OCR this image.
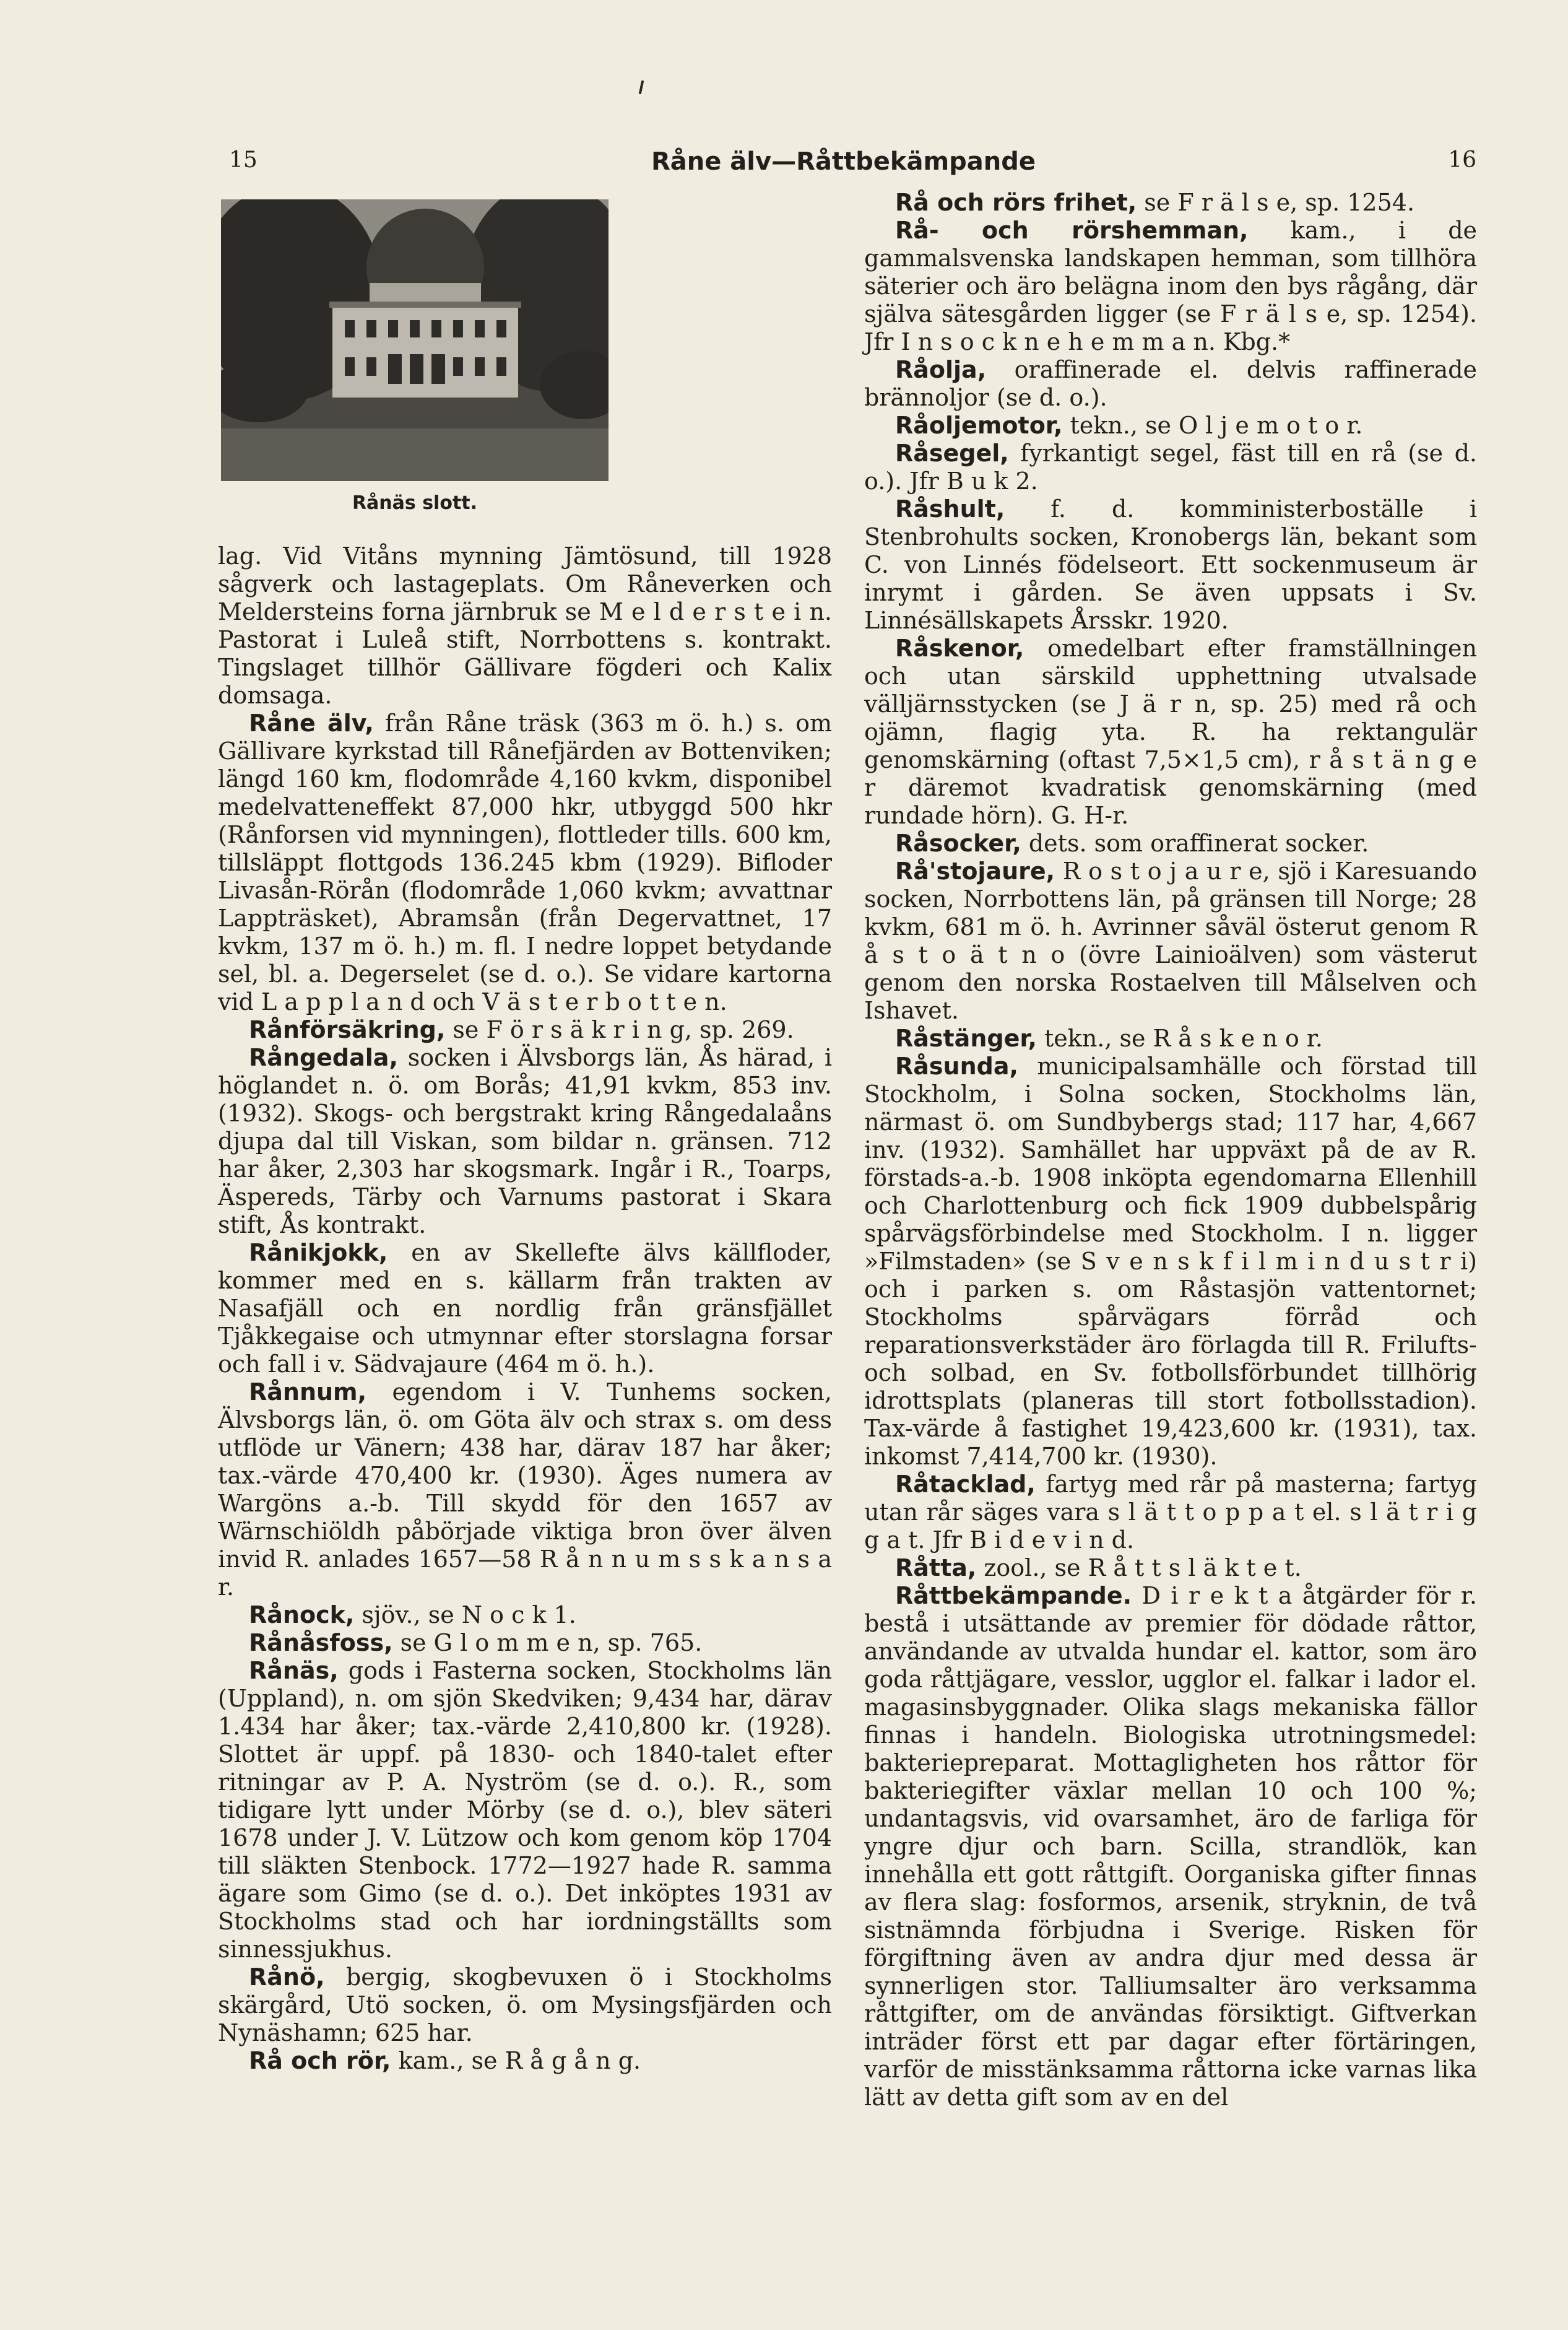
15	Råne älv—Råttbekämpande	16
Rånäs slott.

lag. Vid Vitåns mynning Jämtösund, till 1928 sågverk och lastageplats. Om Råneverken och Meldersteins forna järnbruk se M e l d e r s t e i n. Pastorat i Luleå stift, Norrbottens s. kontrakt. Tingslaget tillhör Gällivare fögderi och Kalix domsaga.

Råne älv, från Råne träsk (363 m ö. h.) s. om Gällivare kyrkstad till Rånefjärden av Bottenviken; längd 160 km, flodområde 4,160 kvkm, disponibel medelvatteneffekt 87,000 hkr, utbyggd 500 hkr (Rånforsen vid mynningen), flottleder tills. 600 km, tillsläppt flottgods 136.245 kbm (1929). Bifloder Livasån-Rörån (flodområde 1,060 kvkm; avvattnar Lappträsket), Abramsån (från Degervattnet, 17 kvkm, 137 m ö. h.) m. fl. I nedre loppet betydande sel, bl. a. Degerselet (se d. o.). Se vidare kartorna vid L a p p l a n d och V ä s t e r b o t t e n.

Rånförsäkring, se F ö r s ä k r i n g, sp. 269.

Rångedala, socken i Älvsborgs län, Ås härad, i höglandet n. ö. om Borås; 41,91 kvkm, 853 inv. (1932). Skogs- och bergstrakt kring Rångedalaåns djupa dal till Viskan, som bildar n. gränsen. 712 har åker, 2,303 har skogsmark. Ingår i R., Toarps, Äspereds, Tärby och Varnums pastorat i Skara stift, Ås kontrakt.

Rånikjokk, en av Skellefte älvs källfloder, kommer med en s. källarm från trakten av Nasafjäll och en nordlig från gränsfjället Tjåkkegaise och utmynnar efter storslagna forsar och fall i v. Sädvajaure (464 m ö. h.).

Rånnum, egendom i V. Tunhems socken, Älvsborgs län, ö. om Göta älv och strax s. om dess utflöde ur Vänern; 438 har, därav 187 har åker; tax.-värde 470,400 kr. (1930). Äges numera av Wargöns a.-b. Till skydd för den 1657 av Wärnschiöldh påbörjade viktiga bron över älven invid R. anlades 1657—58 R å n n u m s s k a n s a r.

Rånock, sjöv., se N o c k 1.

Rånåsfoss, se G l o m m e n, sp. 765.

Rånäs, gods i Fasterna socken, Stockholms län (Uppland), n. om sjön Skedviken; 9,434 har, därav 1.434 har åker; tax.-värde 2,410,800 kr. (1928). Slottet är uppf. på 1830- och 1840-talet efter ritningar av P. A. Nyström (se d. o.). R., som tidigare lytt under Mörby (se d. o.), blev säteri 1678 under J. V. Lützow och kom genom köp 1704 till släkten Stenbock. 1772—1927 hade R. samma ägare som Gimo (se d. o.). Det inköptes 1931 av Stockholms stad och har iordningställts som sinnessjukhus.

Rånö, bergig, skogbevuxen ö i Stockholms skärgård, Utö socken, ö. om Mysingsfjärden och Nynäshamn; 625 har.

Rå och rör, kam., se R å g å n g.

Rå och rörs frihet, se F r ä l s e, sp. 1254.

Rå- och rörshemman, kam., i de gammalsvenska landskapen hemman, som tillhöra säterier och äro belägna inom den bys rågång, där själva sätesgården ligger (se F r ä l s e, sp. 1254). Jfr I n s o c k n e h e m m a n. Kbg.*

Råolja, oraffinerade el. delvis raffinerade brännoljor (se d. o.).

Råoljemotor, tekn., se O l j e m o t o r.

Råsegel, fyrkantigt segel, fäst till en rå (se d. o.). Jfr B u k 2.

Råshult, f. d. komministerboställe i Stenbrohults socken, Kronobergs län, bekant som C. von Linnés födelseort. Ett sockenmuseum är inrymt i gården. Se även uppsats i Sv. Linnésällskapets Årsskr. 1920.

Råskenor, omedelbart efter framställningen och utan särskild upphettning utvalsade välljärnsstycken (se J ä r n, sp. 25) med rå och ojämn, flagig yta. R. ha rektangulär genomskärning (oftast 7,5×1,5 cm), r å s t ä n g e r däremot kvadratisk genomskärning (med rundade hörn). G. H-r.

Råsocker, dets. som oraffinerat socker.

Rå'stojaure, R o s t o j a u r e, sjö i Karesuando socken, Norrbottens län, på gränsen till Norge; 28 kvkm, 681 m ö. h. Avrinner såväl österut genom R å s t o ä t n o (övre Lainioälven) som västerut genom den norska Rostaelven till Målselven och Ishavet.

Råstänger, tekn., se R å s k e n o r.

Råsunda, municipalsamhälle och förstad till Stockholm, i Solna socken, Stockholms län, närmast ö. om Sundbybergs stad; 117 har, 4,667 inv. (1932). Samhället har uppväxt på de av R. förstads-a.-b. 1908 inköpta egendomarna Ellenhill och Charlottenburg och fick 1909 dubbelspårig spårvägsförbindelse med Stockholm. I n. ligger »Filmstaden» (se S v e n s k f i l m i n d u s t r i) och i parken s. om Råstasjön vattentornet; Stockholms spårvägars förråd och reparationsverkstäder äro förlagda till R. Frilufts- och solbad, en Sv. fotbollsförbundet tillhörig idrottsplats (planeras till stort fotbollsstadion). Tax-värde å fastighet 19,423,600 kr. (1931), tax. inkomst 7,414,700 kr. (1930).

Råtacklad, fartyg med rår på masterna; fartyg utan rår säges vara s l ä t t o p p a t el. s l ä t r i g g a t. Jfr B i d e v i n d.

Råtta, zool., se R å t t s l ä k t e t.

Råttbekämpande. D i r e k t a åtgärder för r. bestå i utsättande av premier för dödade råttor, användande av utvalda hundar el. kattor, som äro goda råttjägare, vesslor, ugglor el. falkar i lador el. magasinsbyggnader. Olika slags mekaniska fällor finnas i handeln. Biologiska utrotningsmedel: bakteriepreparat. Mottagligheten hos råttor för bakteriegifter växlar mellan 10 och 100 %; undantagsvis, vid ovarsamhet, äro de farliga för yngre djur och barn. Scilla, strandlök, kan innehålla ett gott råttgift. Oorganiska gifter finnas av flera slag: fosformos, arsenik, stryknin, de två sistnämnda förbjudna i Sverige. Risken för förgiftning även av andra djur med dessa är synnerligen stor. Talliumsalter äro verksamma råttgifter, om de användas försiktigt. Giftverkan inträder först ett par dagar efter förtäringen, varför de misstänksamma råttorna icke varnas lika lätt av detta gift som av en del
